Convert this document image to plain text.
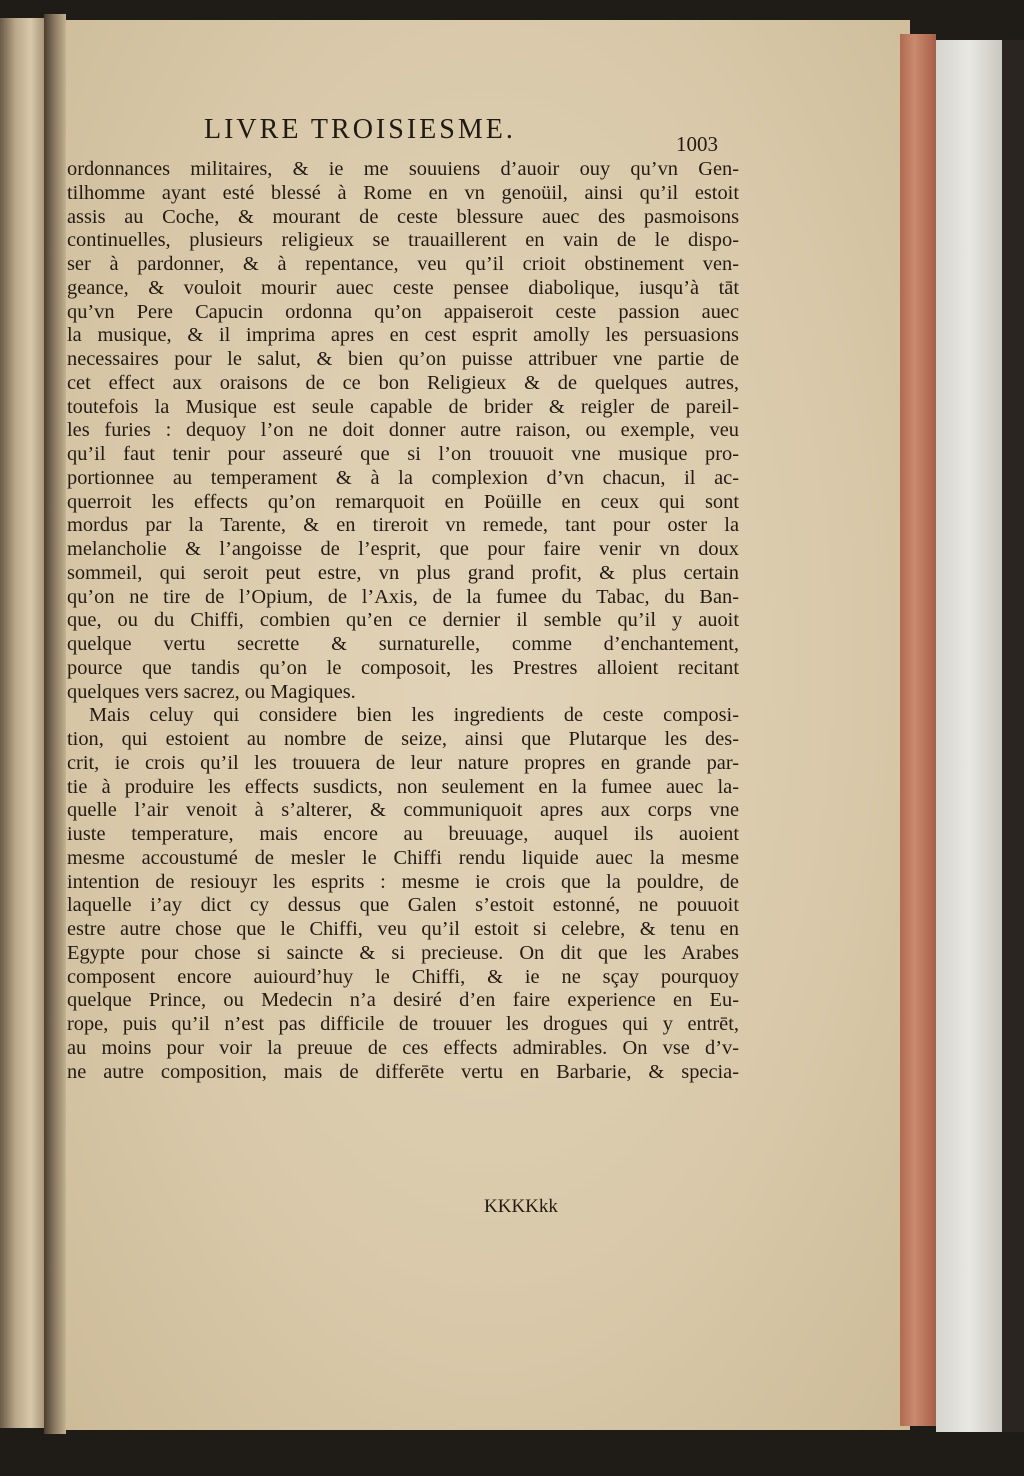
LIVRE TROISIESME.	1003
ordonnances militaires, & ie me souuiens d’auoir ouy qu’vn Gen-
tilhomme ayant esté blessé à Rome en vn genoüil, ainsi qu’il estoit
assis au Coche, & mourant de ceste blessure auec des pasmoisons
continuelles, plusieurs religieux se trauaillerent en vain de le dispo-
ser à pardonner, & à repentance, veu qu’il crioit obstinement ven-
geance, & vouloit mourir auec ceste pensee diabolique, iusqu’à tāt
qu’vn Pere Capucin ordonna qu’on appaiseroit ceste passion auec
la musique, & il imprima apres en cest esprit amolly les persuasions
necessaires pour le salut, & bien qu’on puisse attribuer vne partie de
cet effect aux oraisons de ce bon Religieux & de quelques autres,
toutefois la Musique est seule capable de brider & reigler de pareil-
les furies : dequoy l’on ne doit donner autre raison, ou exemple, veu
qu’il faut tenir pour asseuré que si l’on trouuoit vne musique pro-
portionnee au temperament & à la complexion d’vn chacun, il ac-
querroit les effects qu’on remarquoit en Poüille en ceux qui sont
mordus par la Tarente, & en tireroit vn remede, tant pour oster la
melancholie & l’angoisse de l’esprit, que pour faire venir vn doux
sommeil, qui seroit peut estre, vn plus grand profit, & plus certain
qu’on ne tire de l’Opium, de l’Axis, de la fumee du Tabac, du Ban-
que, ou du Chiffi, combien qu’en ce dernier il semble qu’il y auoit
quelque vertu secrette & surnaturelle, comme d’enchantement,
pource que tandis qu’on le composoit, les Prestres alloient recitant
quelques vers sacrez, ou Magiques.
Mais celuy qui considere bien les ingredients de ceste composi-
tion, qui estoient au nombre de seize, ainsi que Plutarque les des-
crit, ie crois qu’il les trouuera de leur nature propres en grande par-
tie à produire les effects susdicts, non seulement en la fumee auec la-
quelle l’air venoit à s’alterer, & communiquoit apres aux corps vne
iuste temperature, mais encore au breuuage, auquel ils auoient
mesme accoustumé de mesler le Chiffi rendu liquide auec la mesme
intention de resiouyr les esprits : mesme ie crois que la pouldre, de
laquelle i’ay dict cy dessus que Galen s’estoit estonné, ne pouuoit
estre autre chose que le Chiffi, veu qu’il estoit si celebre, & tenu en
Egypte pour chose si saincte & si precieuse. On dit que les Arabes
composent encore auiourd’huy le Chiffi, & ie ne sçay pourquoy
quelque Prince, ou Medecin n’a desiré d’en faire experience en Eu-
rope, puis qu’il n’est pas difficile de trouuer les drogues qui y entrēt,
au moins pour voir la preuue de ces effects admirables. On vse d’v-
ne autre composition, mais de differēte vertu en Barbarie, & specia-
KKKKkk
